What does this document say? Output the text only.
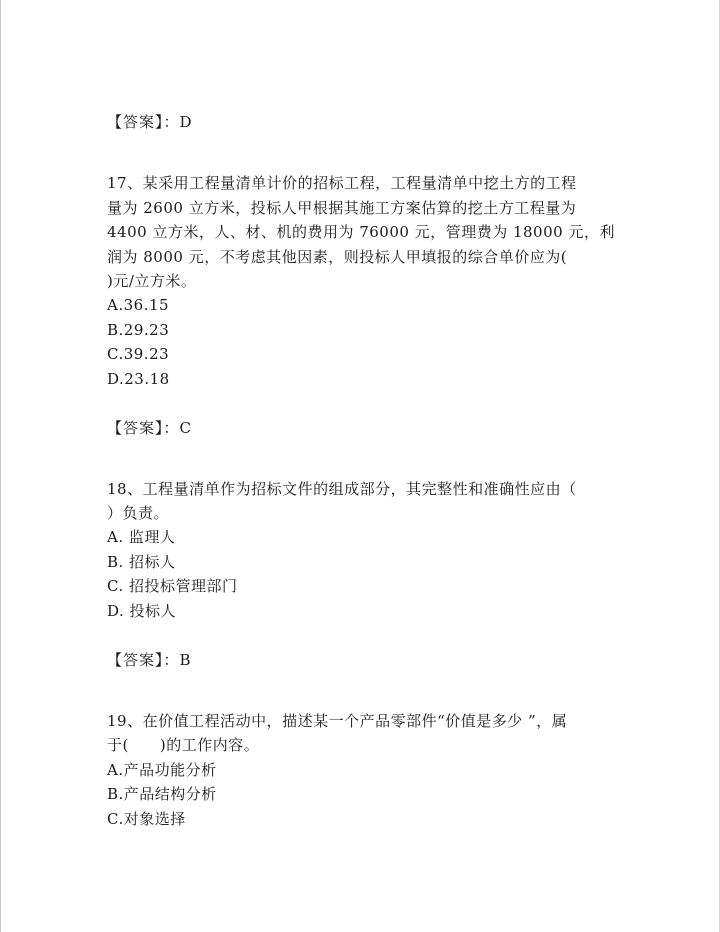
【答案】：D
17、某采用工程量清单计价的招标工程，工程量清单中挖土方的工程
量为 2600 立方米，投标人甲根据其施工方案估算的挖土方工程量为
4400 立方米，人、材、机的费用为 76000 元，管理费为 18000 元，利
润为 8000 元，不考虑其他因素，则投标人甲填报的综合单价应为(
)元/立方米。
A.36.15
B.29.23
C.39.23
D.23.18
【答案】：C
18、工程量清单作为招标文件的组成部分，其完整性和准确性应由（
）负责。
A. 监理人
B. 招标人
C. 招投标管理部门
D. 投标人
【答案】：B
19、在价值工程活动中，描述某一个产品零部件“价值是多少 ”，属
于(　　)的工作内容。
A.产品功能分析
B.产品结构分析
C.对象选择
